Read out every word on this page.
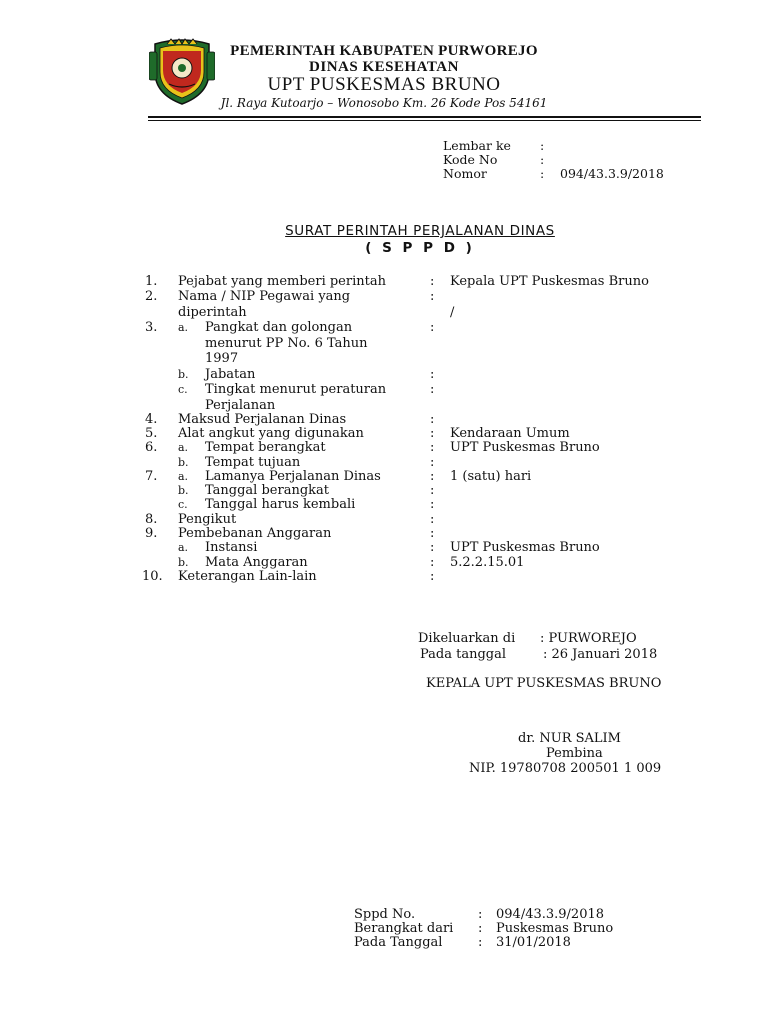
PEMERINTAH KABUPATEN PURWOREJO
DINAS KESEHATAN
UPT PUSKESMAS BRUNO
Jl. Raya Kutoarjo – Wonosobo Km. 26 Kode Pos 54161
Lembar ke :
Kode No	:
Nomor	: 094/43.3.9/2018
SURAT PERINTAH PERJALANAN DINAS
( S P P D )
1. Pejabat yang memberi perintah	: Kepala UPT Puskesmas Bruno
2. Nama / NIP Pegawai yang	:
diperintah	/
3. a. Pangkat dan golongan	:
menurut PP No. 6 Tahun
1997
b. Jabatan	:
c. Tingkat menurut peraturan	:
Perjalanan
4. Maksud Perjalanan Dinas	:
5. Alat angkut yang digunakan	: Kendaraan Umum
6. a. Tempat berangkat	: UPT Puskesmas Bruno
b. Tempat tujuan	:
7. a. Lamanya Perjalanan Dinas	: 1 (satu) hari
b. Tanggal berangkat	:
c. Tanggal harus kembali	:
8. Pengikut	:
9. Pembebanan Anggaran	:
a. Instansi	: UPT Puskesmas Bruno
b. Mata Anggaran	: 5.2.2.15.01
10. Keterangan Lain-lain	:
Dikeluarkan di : PURWOREJO
Pada tanggal	: 26 Januari 2018
KEPALA UPT PUSKESMAS BRUNO
dr. NUR SALIM
Pembina
NIP. 19780708 200501 1 009
Sppd No.	: 094/43.3.9/2018
Berangkat dari : Puskesmas Bruno
Pada Tanggal	: 31/01/2018
